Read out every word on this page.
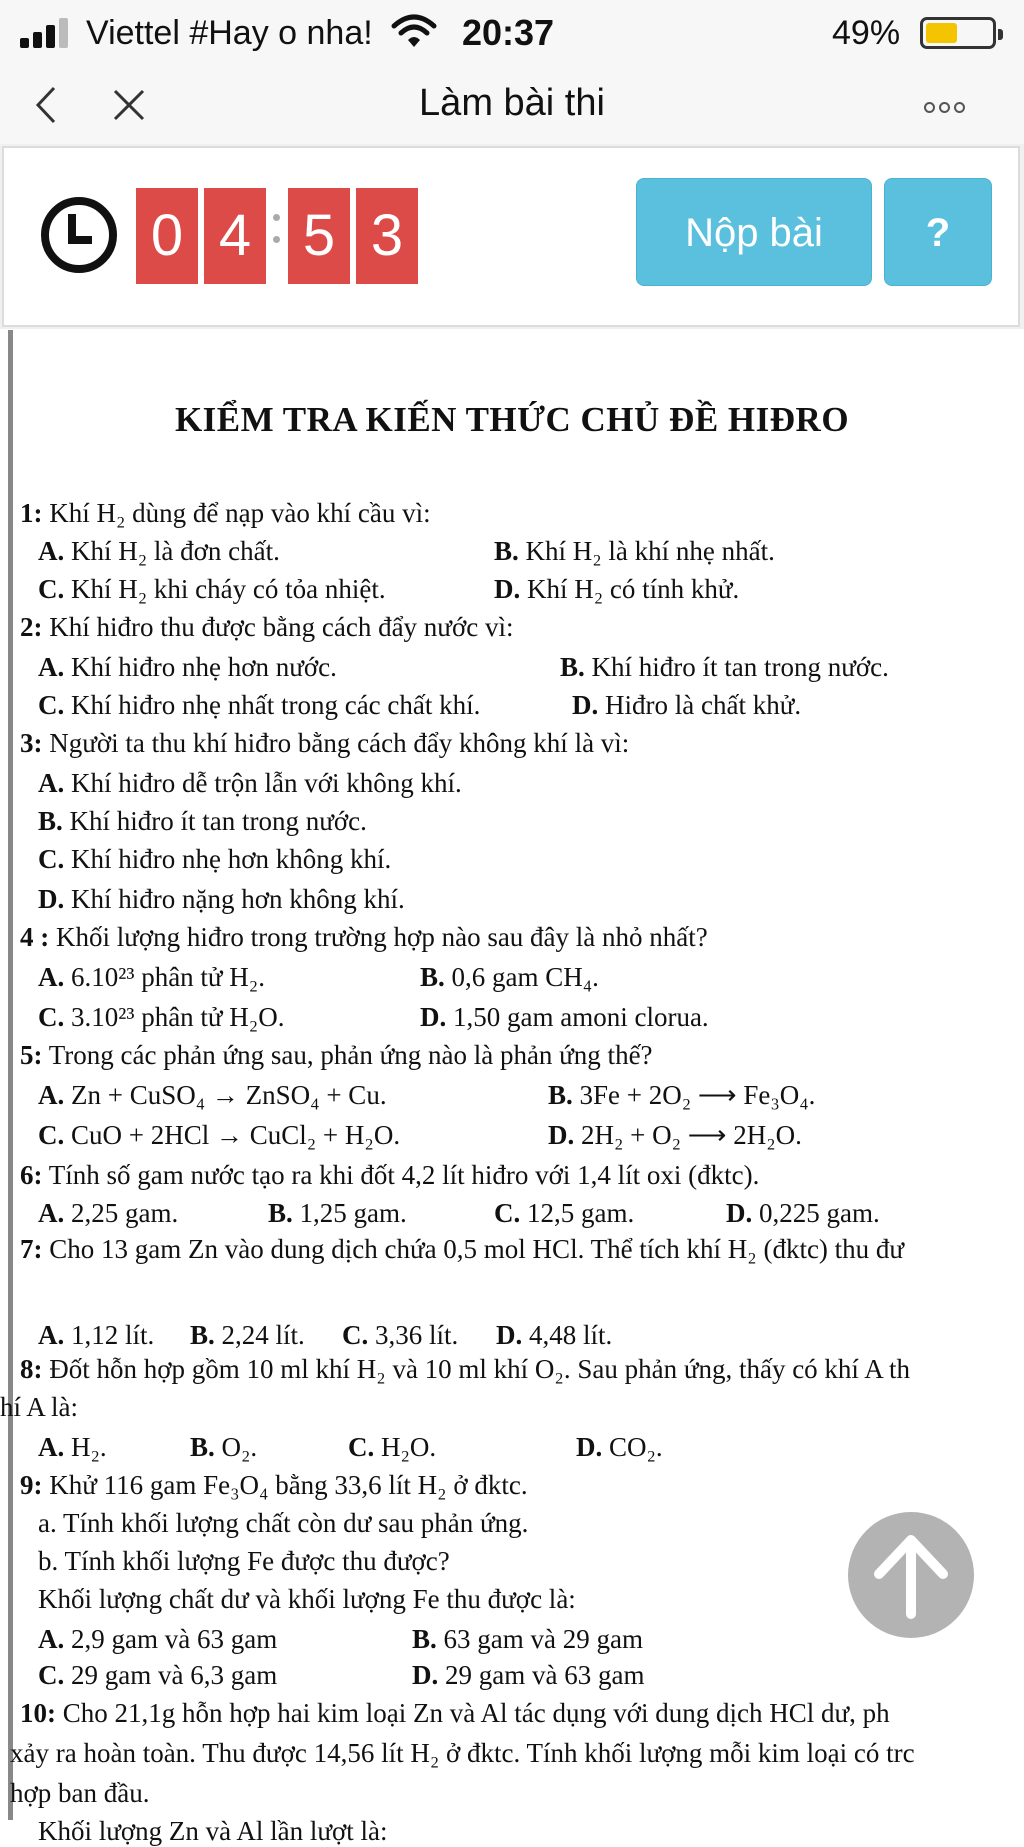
Viettel #Hay o nha! 20:37	49%
Làm bài thi
0 4 5 3	Nộp bài	?
KIỂM TRA KIẾN THỨC CHỦ ĐỀ HIĐRO
1: Khí H₂ dùng để nạp vào khí cầu vì:
A. Khí H₂ là đơn chất.	B. Khí H₂ là khí nhẹ nhất.
C. Khí H₂ khi cháy có tỏa nhiệt.	D. Khí H₂ có tính khử.
2: Khí hiđro thu được bằng cách đẩy nước vì:
A. Khí hiđro nhẹ hơn nước.	B. Khí hiđro ít tan trong nước.
C. Khí hiđro nhẹ nhất trong các chất khí.	D. Hiđro là chất khử.
3: Người ta thu khí hiđro bằng cách đẩy không khí là vì:
A. Khí hiđro dễ trộn lẫn với không khí.
B. Khí hiđro ít tan trong nước.
C. Khí hiđro nhẹ hơn không khí.
D. Khí hiđro nặng hơn không khí.
4 : Khối lượng hiđro trong trường hợp nào sau đây là nhỏ nhất?
A. 6.10²³ phân tử H₂.	B. 0,6 gam CH₄.
C. 3.10²³ phân tử H₂O.	D. 1,50 gam amoni clorua.
5: Trong các phản ứng sau, phản ứng nào là phản ứng thế?
A. Zn + CuSO₄ → ZnSO₄ + Cu.	B. 3Fe + 2O₂ ⟶ Fe₃O₄.
C. CuO + 2HCl → CuCl₂ + H₂O.	D. 2H₂ + O₂ ⟶ 2H₂O.
6: Tính số gam nước tạo ra khi đốt 4,2 lít hiđro với 1,4 lít oxi (đktc).
A. 2,25 gam.	B. 1,25 gam.	C. 12,5 gam.	D. 0,225 gam.
7: Cho 13 gam Zn vào dung dịch chứa 0,5 mol HCl. Thể tích khí H₂ (đktc) thu đư
A. 1,12 lít. B. 2,24 lít. C. 3,36 lít. D. 4,48 lít.
8: Đốt hỗn hợp gồm 10 ml khí H₂ và 10 ml khí O₂. Sau phản ứng, thấy có khí A th
hí A là:
A. H₂.	B. O₂.	C. H₂O.	D. CO₂.
9: Khử 116 gam Fe₃O₄ bằng 33,6 lít H₂ ở đktc.
a. Tính khối lượng chất còn dư sau phản ứng.
b. Tính khối lượng Fe được thu được?
Khối lượng chất dư và khối lượng Fe thu được là:
A. 2,9 gam và 63 gam	B. 63 gam và 29 gam
C. 29 gam và 6,3 gam	D. 29 gam và 63 gam
10: Cho 21,1g hỗn hợp hai kim loại Zn và Al tác dụng với dung dịch HCl dư, ph
xảy ra hoàn toàn. Thu được 14,56 lít H₂ ở đktc. Tính khối lượng mỗi kim loại có trc
hợp ban đầu.
Khối lượng Zn và Al lần lượt là:
